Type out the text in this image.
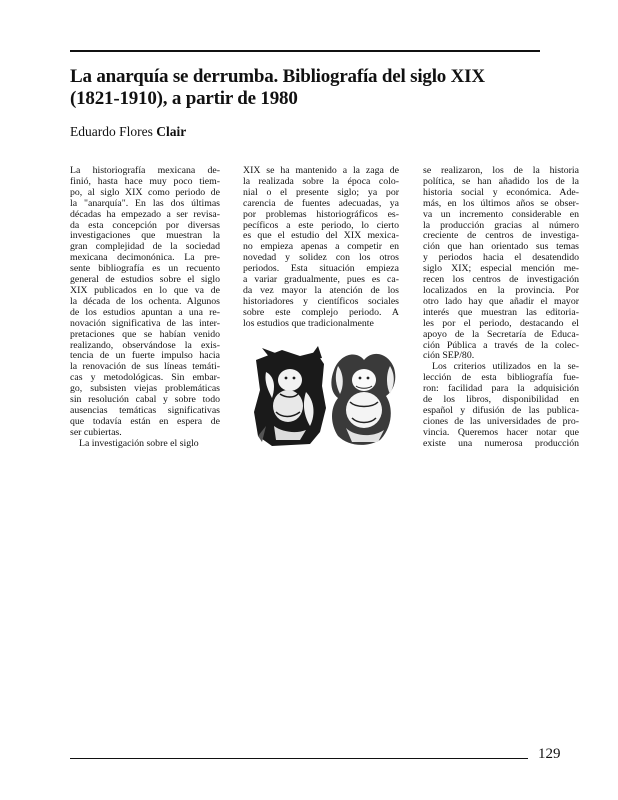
La anarquía se derrumba. Bibliografía del siglo XIX
(1821-1910), a partir de 1980
Eduardo Flores Clair
La historiografía mexicana de-
finió, hasta hace muy poco tiem-
po, al siglo XIX como periodo de
la "anarquía". En las dos últimas
décadas ha empezado a ser revisa-
da esta concepción por diversas
investigaciones que muestran la
gran complejidad de la sociedad
mexicana decimonónica. La pre-
sente bibliografía es un recuento
general de estudios sobre el siglo
XIX publicados en lo que va de
la década de los ochenta. Algunos
de los estudios apuntan a una re-
novación significativa de las inter-
pretaciones que se habían venido
realizando, observándose la exis-
tencia de un fuerte impulso hacia
la renovación de sus líneas temáti-
cas y metodológicas. Sin embar-
go, subsisten viejas problemáticas
sin resolución cabal y sobre todo
ausencias temáticas significativas
que todavía están en espera de
ser cubiertas.
La investigación sobre el siglo
XIX se ha mantenido a la zaga de
la realizada sobre la época colo-
nial o el presente siglo; ya por
carencia de fuentes adecuadas, ya
por problemas historiográficos es-
pecíficos a este periodo, lo cierto
es que el estudio del XIX mexica-
no empieza apenas a competir en
novedad y solidez con los otros
periodos. Esta situación empieza
a variar gradualmente, pues es ca-
da vez mayor la atención de los
historiadores y científicos sociales
sobre este complejo periodo. A
los estudios que tradicionalmente
se realizaron, los de la historia
política, se han añadido los de la
historia social y económica. Ade-
más, en los últimos años se obser-
va un incremento considerable en
la producción gracias al número
creciente de centros de investiga-
ción que han orientado sus temas
y periodos hacia el desatendido
siglo XIX; especial mención me-
recen los centros de investigación
localizados en la provincia. Por
otro lado hay que añadir el mayor
interés que muestran las editoria-
les por el periodo, destacando el
apoyo de la Secretaría de Educa-
ción Pública a través de la colec-
ción SEP/80.
Los criterios utilizados en la se-
lección de esta bibliografía fue-
ron: facilidad para la adquisición
de los libros, disponibilidad en
español y difusión de las publica-
ciones de las universidades de pro-
vincia. Queremos hacer notar que
existe una numerosa producción
129
